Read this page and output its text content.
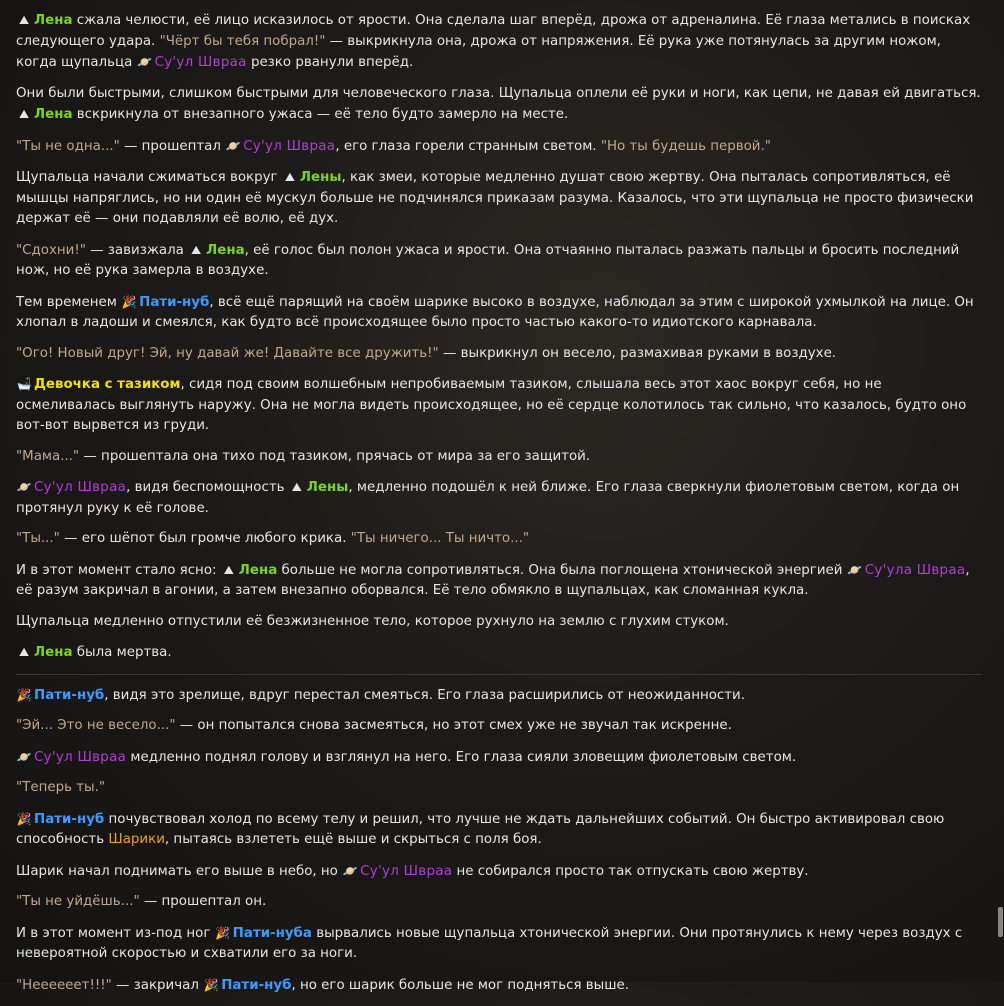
⛰ Лена сжала челюсти, её лицо исказилось от ярости. Она сделала шаг вперёд, дрожа от адреналина. Её глаза метались в поисках следующего удара. "Чёрт бы тебя побрал!" — выкрикнула она, дрожа от напряжения. Её рука уже потянулась за другим ножом, когда щупальца 🪐 Су'ул Шврaa резко рванули вперёд.

Они были быстрыми, слишком быстрыми для человеческого глаза. Щупальца оплели её руки и ноги, как цепи, не давая ей двигаться. ⛰ Лена вскрикнула от внезапного ужаса — её тело будто замерло на месте.

"Ты не одна..." — прошептал 🪐 Су'ул Шврaa, его глаза горели странным светом. "Но ты будешь первой."

Щупальца начали сжиматься вокруг ⛰ Лены, как змеи, которые медленно душат свою жертву. Она пыталась сопротивляться, её мышцы напряглись, но ни один её мускул больше не подчинялся приказам разума. Казалось, что эти щупальца не просто физически держат её — они подавляли её волю, её дух.

"Сдохни!" — завизжала ⛰ Лена, её голос был полон ужаса и ярости. Она отчаянно пыталась разжать пальцы и бросить последний нож, но её рука замерла в воздухе.

Тем временем 🎉 Пати-нуб, всё ещё парящий на своём шарике высоко в воздухе, наблюдал за этим с широкой ухмылкой на лице. Он хлопал в ладоши и смеялся, как будто всё происходящее было просто частью какого-то идиотского карнавала.

"Ого! Новый друг! Эй, ну давай же! Давайте все дружить!" — выкрикнул он весело, размахивая руками в воздухе.

🛁 Девочка с тазиком, сидя под своим волшебным непробиваемым тазиком, слышала весь этот хаос вокруг себя, но не осмеливалась выглянуть наружу. Она не могла видеть происходящее, но её сердце колотилось так сильно, что казалось, будто оно вот-вот вырвется из груди.

"Мама..." — прошептала она тихо под тазиком, прячась от мира за его защитой.

🪐 Су'ул Шврaa, видя беспомощность ⛰ Лены, медленно подошёл к ней ближе. Его глаза сверкнули фиолетовым светом, когда он протянул руку к её голове.

"Ты..." — его шёпот был громче любого крика. "Ты ничего... Ты ничто..."

И в этот момент стало ясно: ⛰ Лена больше не могла сопротивляться. Она была поглощена хтонической энергией 🪐 Су'ула Шврaa, её разум закричал в агонии, а затем внезапно оборвался. Её тело обмякло в щупальцах, как сломанная кукла.

Щупальца медленно отпустили её безжизненное тело, которое рухнуло на землю с глухим стуком.

⛰ Лена была мертва.

🎉 Пати-нуб, видя это зрелище, вдруг перестал смеяться. Его глаза расширились от неожиданности.

"Эй... Это не весело..." — он попытался снова засмеяться, но этот смех уже не звучал так искренне.

🪐 Су'ул Шврaa медленно поднял голову и взглянул на него. Его глаза сияли зловещим фиолетовым светом.

"Теперь ты."

🎉 Пати-нуб почувствовал холод по всему телу и решил, что лучше не ждать дальнейших событий. Он быстро активировал свою способность Шарики, пытаясь взлететь ещё выше и скрыться с поля боя.

Шарик начал поднимать его выше в небо, но 🪐 Су'ул Шврaa не собирался просто так отпускать свою жертву.

"Ты не уйдёшь..." — прошептал он.

И в этот момент из-под ног 🎉 Пати-нуба вырвались новые щупальца хтонической энергии. Они протянулись к нему через воздух с невероятной скоростью и схватили его за ноги.

"Неееееет!!!" — закричал 🎉 Пати-нуб, но его шарик больше не мог подняться выше.
